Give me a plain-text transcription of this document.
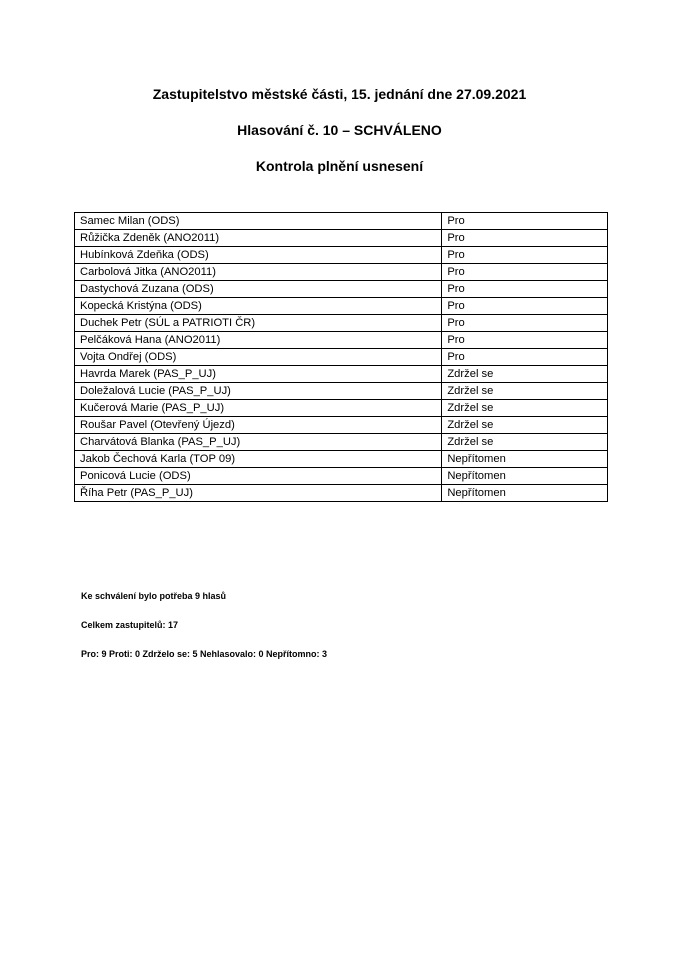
Zastupitelstvo městské části, 15. jednání dne 27.09.2021
Hlasování č. 10 – SCHVÁLENO
Kontrola plnění usnesení
Samec Milan (ODS)	Pro
Růžička Zdeněk (ANO2011)	Pro
Hubínková Zdeňka (ODS)	Pro
Carbolová Jitka (ANO2011)	Pro
Dastychová Zuzana (ODS)	Pro
Kopecká Kristýna (ODS)	Pro
Duchek Petr (SÚL a PATRIOTI ČR)	Pro
Pelčáková Hana (ANO2011)	Pro
Vojta Ondřej (ODS)	Pro
Havrda Marek (PAS_P_UJ)	Zdržel se
Doležalová Lucie (PAS_P_UJ)	Zdržel se
Kučerová Marie (PAS_P_UJ)	Zdržel se
Roušar Pavel (Otevřený Újezd)	Zdržel se
Charvátová Blanka (PAS_P_UJ)	Zdržel se
Jakob Čechová Karla (TOP 09)	Nepřítomen
Ponicová Lucie (ODS)	Nepřítomen
Říha Petr (PAS_P_UJ)	Nepřítomen

Ke schválení bylo potřeba 9 hlasů

Celkem zastupitelů: 17

Pro: 9 Proti: 0 Zdrželo se: 5 Nehlasovalo: 0 Nepřítomno: 3
